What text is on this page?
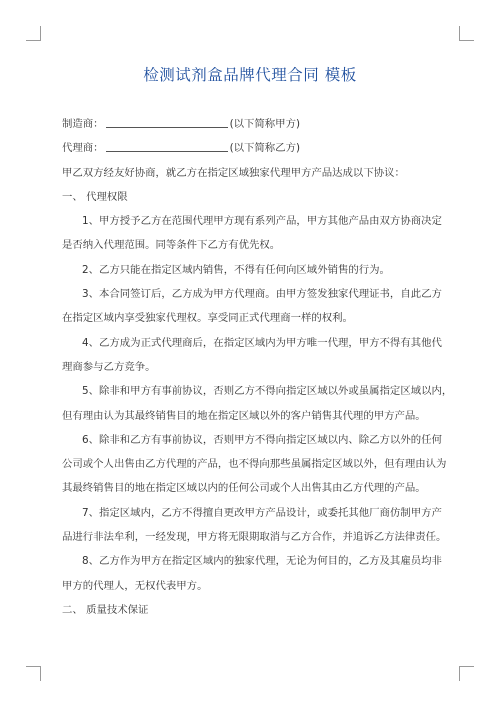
检测试剂盒品牌代理合同 模板
制造商：	(以下简称甲方)
代理商：	(以下简称乙方)
甲乙双方经友好协商，就乙方在指定区域独家代理甲方产品达成以下协议：
一、 代理权限
1、甲方授予乙方在范围代理甲方现有系列产品，甲方其他产品由双方协商决定
是否纳入代理范围。同等条件下乙方有优先权。
2、乙方只能在指定区域内销售，不得有任何向区域外销售的行为。
3、本合同签订后，乙方成为甲方代理商。由甲方签发独家代理证书，自此乙方
在指定区域内享受独家代理权。享受同正式代理商一样的权利。
4、乙方成为正式代理商后，在指定区域内为甲方唯一代理，甲方不得有其他代
理商参与乙方竞争。
5、除非和甲方有事前协议，否则乙方不得向指定区域以外或虽属指定区域以内，
但有理由认为其最终销售目的地在指定区域以外的客户销售其代理的甲方产品。
6、除非和乙方有事前协议，否则甲方不得向指定区域以内、除乙方以外的任何
公司或个人出售由乙方代理的产品，也不得向那些虽属指定区域以外，但有理由认为
其最终销售目的地在指定区域以内的任何公司或个人出售其由乙方代理的产品。
7、指定区域内，乙方不得擅自更改甲方产品设计，或委托其他厂商仿制甲方产
品进行非法牟利，一经发现，甲方将无限期取消与乙方合作，并追诉乙方法律责任。
8、乙方作为甲方在指定区域内的独家代理，无论为何目的，乙方及其雇员均非
甲方的代理人，无权代表甲方。
二、 质量技术保证
